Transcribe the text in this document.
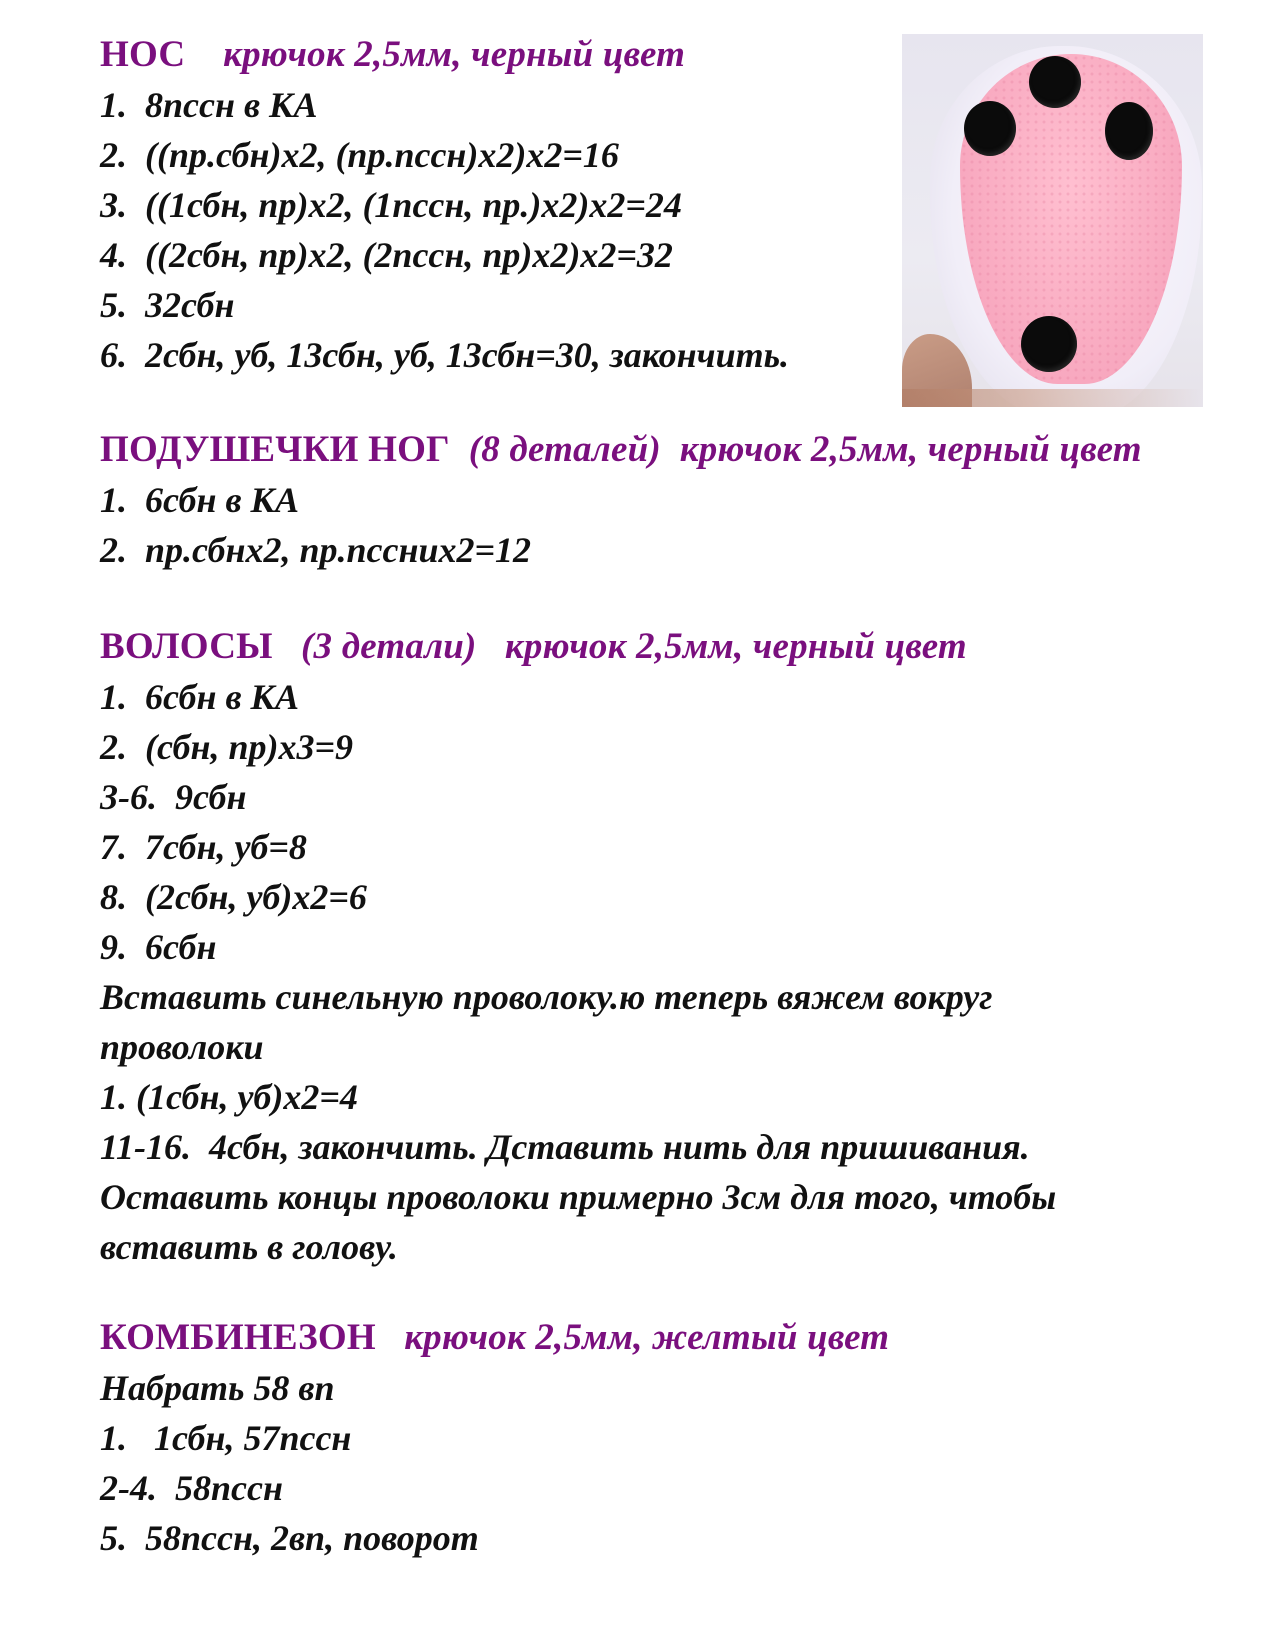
НОС крючок 2,5мм, черный цвет
1.  8пссн в КА
2.  ((пр.сбн)х2, (пр.пссн)х2)х2=16
3.  ((1сбн, пр)х2, (1пссн, пр.)х2)х2=24
4.  ((2сбн, пр)х2, (2пссн, пр)х2)х2=32
5.  32сбн
6.  2сбн, уб, 13сбн, уб, 13сбн=30, закончить.
ПОДУШЕЧКИ НОГ (8 деталей) крючок 2,5мм, черный цвет
1.  6сбн в КА
2.  пр.сбнх2, пр.пссних2=12
ВОЛОСЫ (3 детали) крючок 2,5мм, черный цвет
1.  6сбн в КА
2.  (сбн, пр)х3=9
3-6.  9сбн
7.  7сбн, уб=8
8.  (2сбн, уб)х2=6
9.  6сбн
Вставить синельную проволоку.ю теперь вяжем вокруг
проволоки
1. (1сбн, уб)х2=4
11-16.  4сбн, закончить. Дставить нить для пришивания.
Оставить концы проволоки примерно 3см для того, чтобы
вставить в голову.
КОМБИНЕЗОН крючок 2,5мм, желтый цвет
Набрать 58 вп
1.   1сбн, 57пссн
2-4.  58пссн
5.  58пссн, 2вп, поворот
